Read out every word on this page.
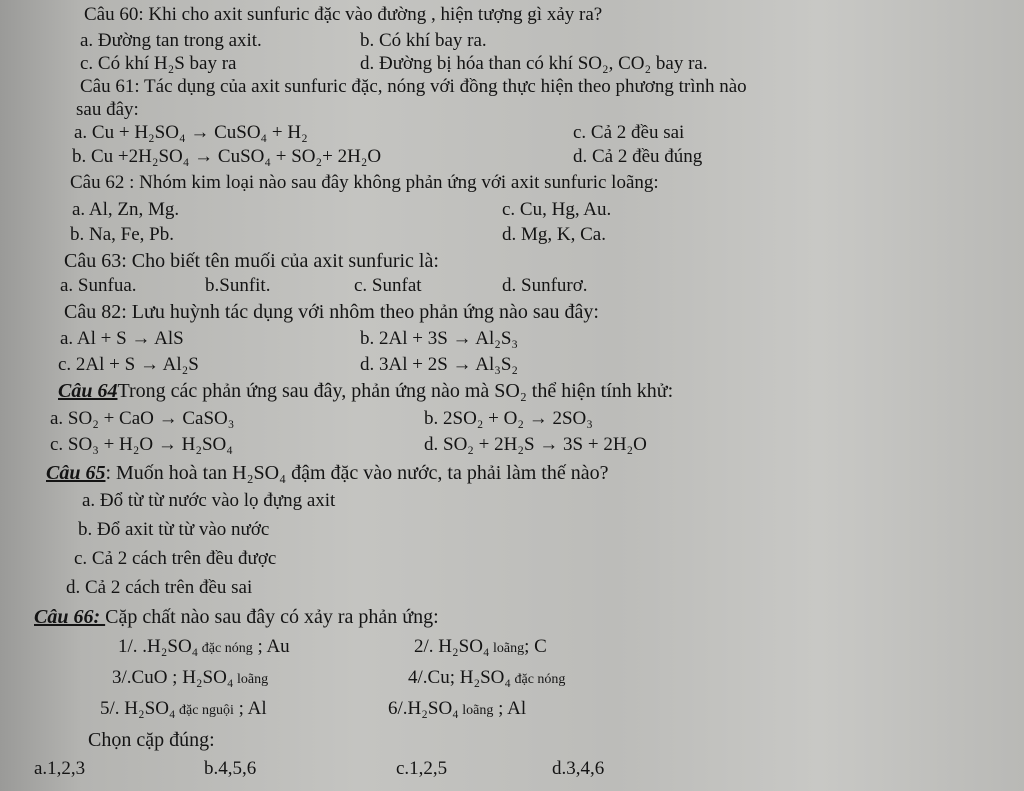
Câu 60: Khi cho axit sunfuric đặc vào đường , hiện tượng gì xảy ra?
a. Đường tan trong axit.	b. Có khí bay ra.
c. Có khí H₂S bay ra	d. Đường bị hóa than có khí SO₂, CO₂ bay ra.
Câu 61: Tác dụng của axit sunfuric đặc, nóng với đồng thực hiện theo phương trình nào
sau đây:
a. Cu + H₂SO₄ → CuSO₄ + H₂	c. Cả 2 đều sai
b. Cu +2H₂SO₄ → CuSO₄ + SO₂+ 2H₂O	d. Cả 2 đều đúng
Câu 62 : Nhóm kim loại nào sau đây không phản ứng với axit sunfuric loãng:
a. Al, Zn, Mg.	c. Cu, Hg, Au.
b. Na, Fe, Pb.	d. Mg, K, Ca.
Câu 63: Cho biết tên muối của axit sunfuric là:
a. Sunfua.	b.Sunfit.	c. Sunfat	d. Sunfurơ.
Câu 82: Lưu huỳnh tác dụng với nhôm theo phản ứng nào sau đây:
a. Al + S → AlS	b. 2Al + 3S → Al₂S₃
c. 2Al + S → Al₂S	d. 3Al + 2S → Al₃S₂
Câu 64Trong các phản ứng sau đây, phản ứng nào mà SO₂ thể hiện tính khử:
a. SO₂ + CaO → CaSO₃	b. 2SO₂ + O₂ → 2SO₃
c. SO₃ + H₂O → H₂SO₄	d. SO₂ + 2H₂S → 3S + 2H₂O
Câu 65: Muốn hoà tan H₂SO₄ đậm đặc vào nước, ta phải làm thế nào?
a. Đổ từ từ nước vào lọ đựng axit
b. Đổ axit từ từ vào nước
c. Cả 2 cách trên đều được
d. Cả 2 cách trên đều sai
Câu 66: Cặp chất nào sau đây có xảy ra phản ứng:
1/. .H₂SO₄ đặc nóng ; Au	2/. H₂SO₄ loãng; C
3/.CuO ; H₂SO₄ loãng	4/.Cu; H₂SO₄ đặc nóng
5/. H₂SO₄ đặc nguội ; Al	6/.H₂SO₄ loãng ; Al
Chọn cặp đúng:
a.1,2,3	b.4,5,6	c.1,2,5	d.3,4,6
